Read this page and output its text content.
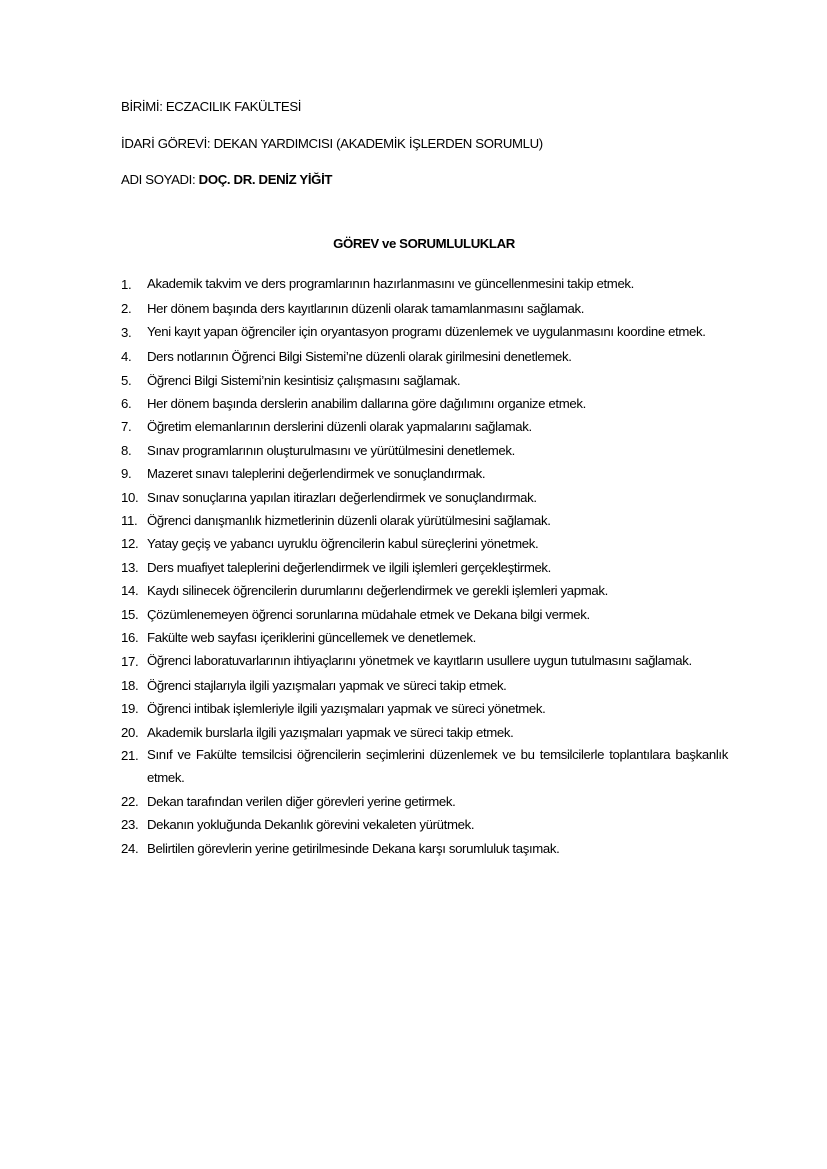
BİRİMİ: ECZACILIK FAKÜLTESİ
İDARİ GÖREVİ: DEKAN YARDIMCISI (AKADEMİK İŞLERDEN SORUMLU)
ADI SOYADI: DOÇ. DR. DENİZ YİĞİT
GÖREV ve SORUMLULUKLAR
1.	Akademik takvim ve ders programlarının hazırlanmasını ve güncellenmesini takip etmek.
2.	Her dönem başında ders kayıtlarının düzenli olarak tamamlanmasını sağlamak.
3.	Yeni kayıt yapan öğrenciler için oryantasyon programı düzenlemek ve uygulanmasını koordine etmek.
4.	Ders notlarının Öğrenci Bilgi Sistemi’ne düzenli olarak girilmesini denetlemek.
5.	Öğrenci Bilgi Sistemi’nin kesintisiz çalışmasını sağlamak.
6.	Her dönem başında derslerin anabilim dallarına göre dağılımını organize etmek.
7.	Öğretim elemanlarının derslerini düzenli olarak yapmalarını sağlamak.
8.	Sınav programlarının oluşturulmasını ve yürütülmesini denetlemek.
9.	Mazeret sınavı taleplerini değerlendirmek ve sonuçlandırmak.
10. Sınav sonuçlarına yapılan itirazları değerlendirmek ve sonuçlandırmak.
11. Öğrenci danışmanlık hizmetlerinin düzenli olarak yürütülmesini sağlamak.
12. Yatay geçiş ve yabancı uyruklu öğrencilerin kabul süreçlerini yönetmek.
13. Ders muafiyet taleplerini değerlendirmek ve ilgili işlemleri gerçekleştirmek.
14. Kaydı silinecek öğrencilerin durumlarını değerlendirmek ve gerekli işlemleri yapmak.
15. Çözümlenemeyen öğrenci sorunlarına müdahale etmek ve Dekana bilgi vermek.
16. Fakülte web sayfası içeriklerini güncellemek ve denetlemek.
17. Öğrenci laboratuvarlarının ihtiyaçlarını yönetmek ve kayıtların usullere uygun tutulmasını sağlamak.
18. Öğrenci stajlarıyla ilgili yazışmaları yapmak ve süreci takip etmek.
19. Öğrenci intibak işlemleriyle ilgili yazışmaları yapmak ve süreci yönetmek.
20. Akademik burslarla ilgili yazışmaları yapmak ve süreci takip etmek.
21. Sınıf ve Fakülte temsilcisi öğrencilerin seçimlerini düzenlemek ve bu temsilcilerle toplantılara başkanlık etmek.
22. Dekan tarafından verilen diğer görevleri yerine getirmek.
23. Dekanın yokluğunda Dekanlık görevini vekaleten yürütmek.
24. Belirtilen görevlerin yerine getirilmesinde Dekana karşı sorumluluk taşımak.
